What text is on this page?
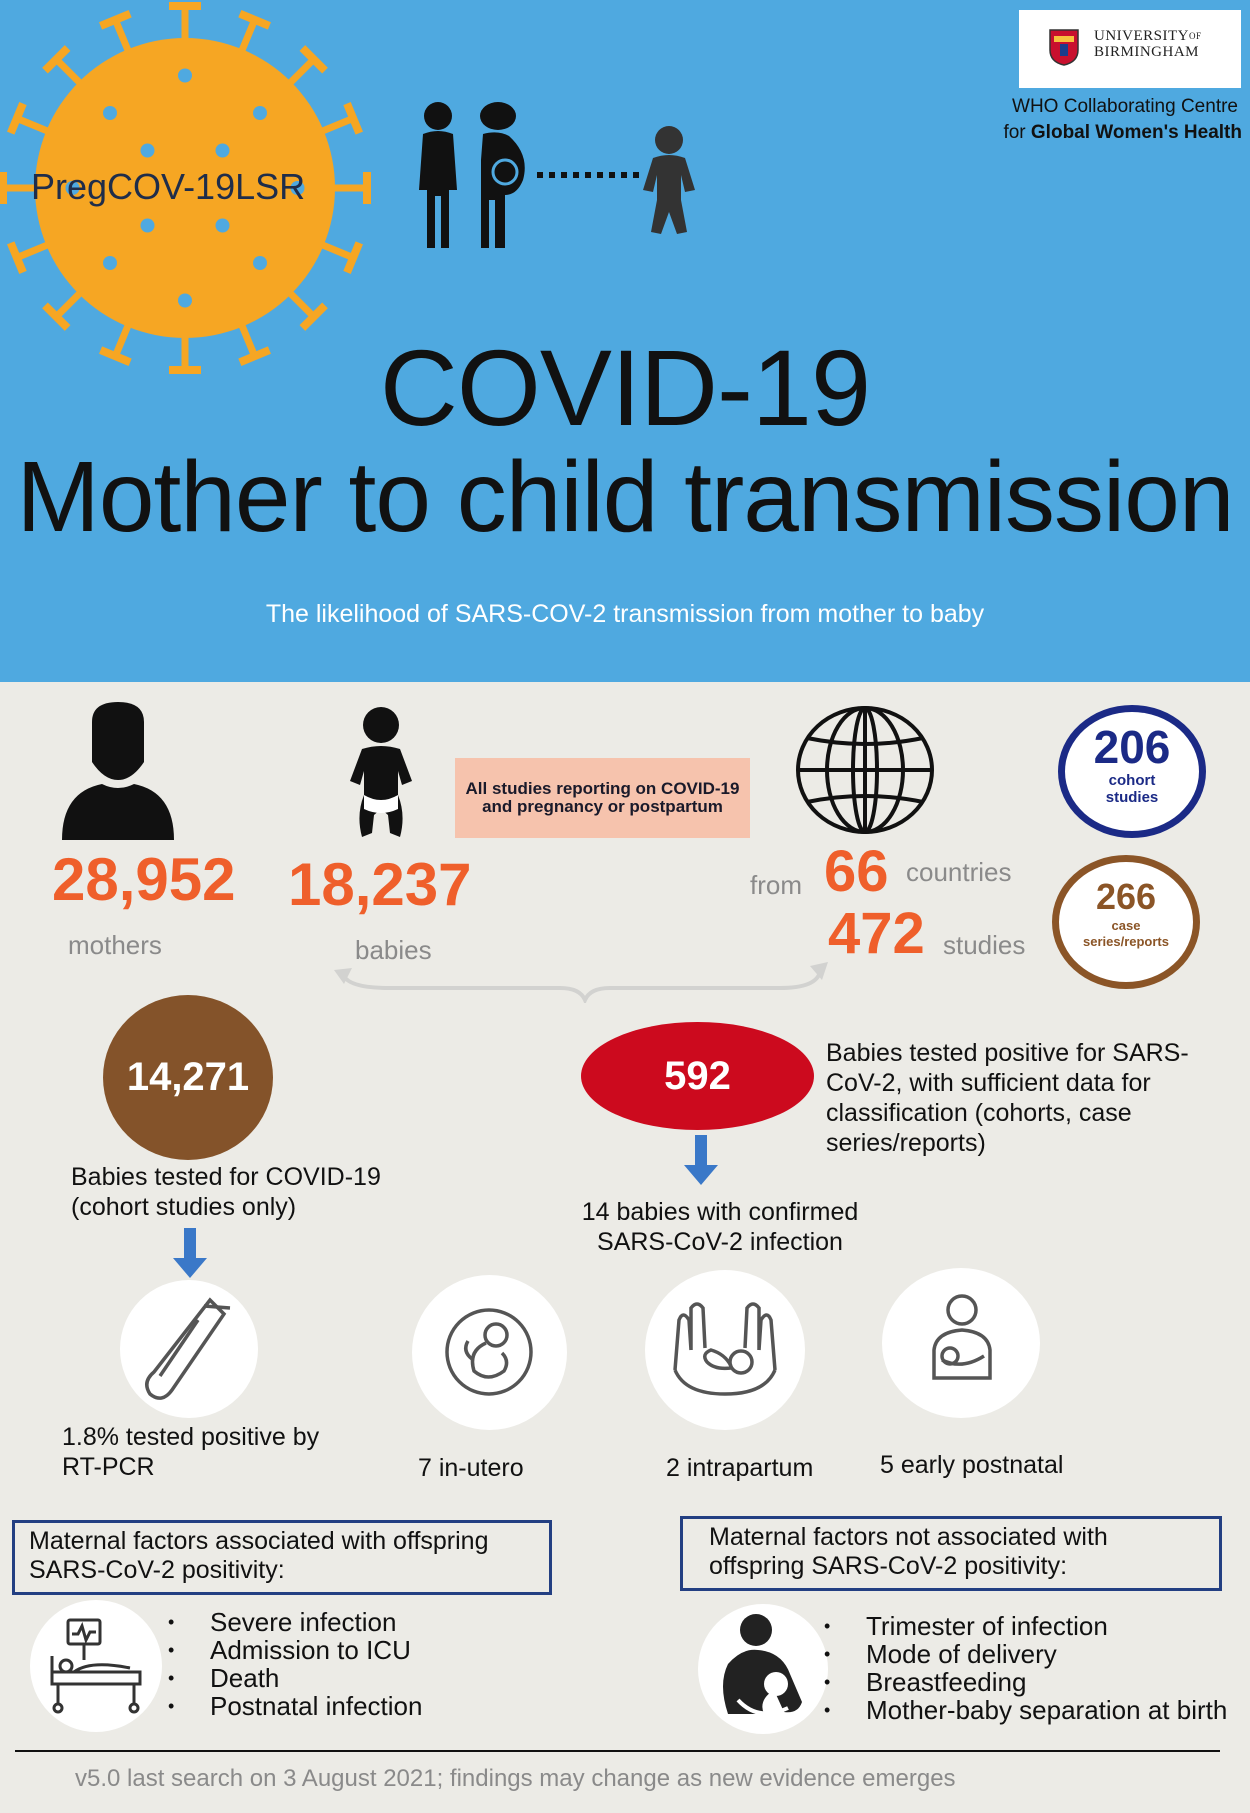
PregCOV-19LSR
$UNIVERSITY^{OF}$
BIRMINGHAM
WHO Collaborating Centre
for Global Women's Health
COVID-19
Mother to child transmission
The likelihood of SARS-COV-2 transmission from mother to baby
28,952
mothers
18,237
babies
All studies reporting on COVID-19 and pregnancy or postpartum
from 66 countries
472 studies
206
cohort studies
266
case series/reports
14,271
Babies tested for COVID-19 (cohort studies only)
592
Babies tested positive for SARS-CoV-2, with sufficient data for classification (cohorts, case series/reports)
14 babies with confirmed SARS-CoV-2 infection
1.8% tested positive by RT-PCR	7 in-utero	2 intrapartum	5 early postnatal
Maternal factors associated with offspring SARS-CoV-2 positivity:
Maternal factors not associated with offspring SARS-CoV-2 positivity:
• Severe infection
• Admission to ICU
• Death
• Postnatal infection
• Trimester of infection
• Mode of delivery
• Breastfeeding
• Mother-baby separation at birth
v5.0 last search on 3 August 2021; findings may change as new evidence emerges
